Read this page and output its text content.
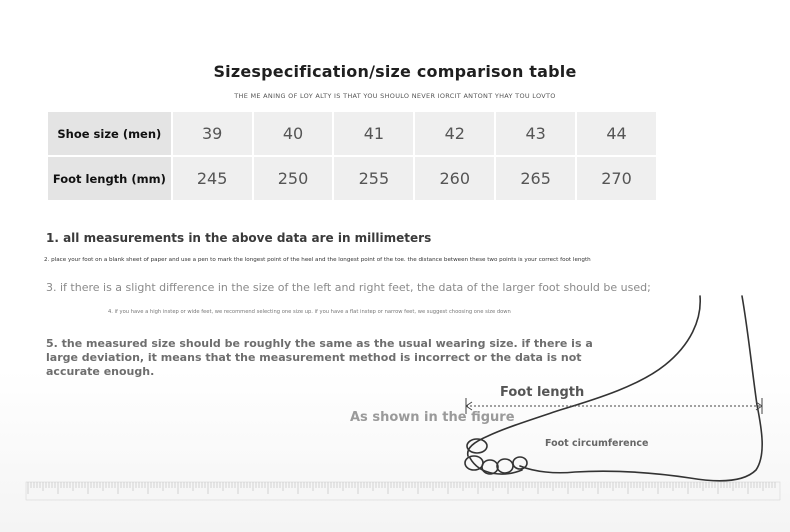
Sizespecification/size comparison table
THE ME ANING OF LOY ALTY IS THAT YOU SHOULO NEVER IORCIT ANTONT YHAY TOU LOVTO
Shoe size (men)	39	40	41	42	43	44
Foot length (mm)	245	250	255	260	265	270
1. all measurements in the above data are in millimeters
2. place your foot on a blank sheet of paper and use a pen to mark the longest point of the heel and the longest point of the toe. the distance between these two points is your correct foot length
3. if there is a slight difference in the size of the left and right feet, the data of the larger foot should be used;
4. if you have a high instep or wide feet, we recommend selecting one size up. if you have a flat instep or narrow feet, we suggest choosing one size down
5. the measured size should be roughly the same as the usual wearing size. if there is a large deviation, it means that the measurement method is incorrect or the data is not accurate enough.
Foot length
As shown in the figure
Foot circumference
